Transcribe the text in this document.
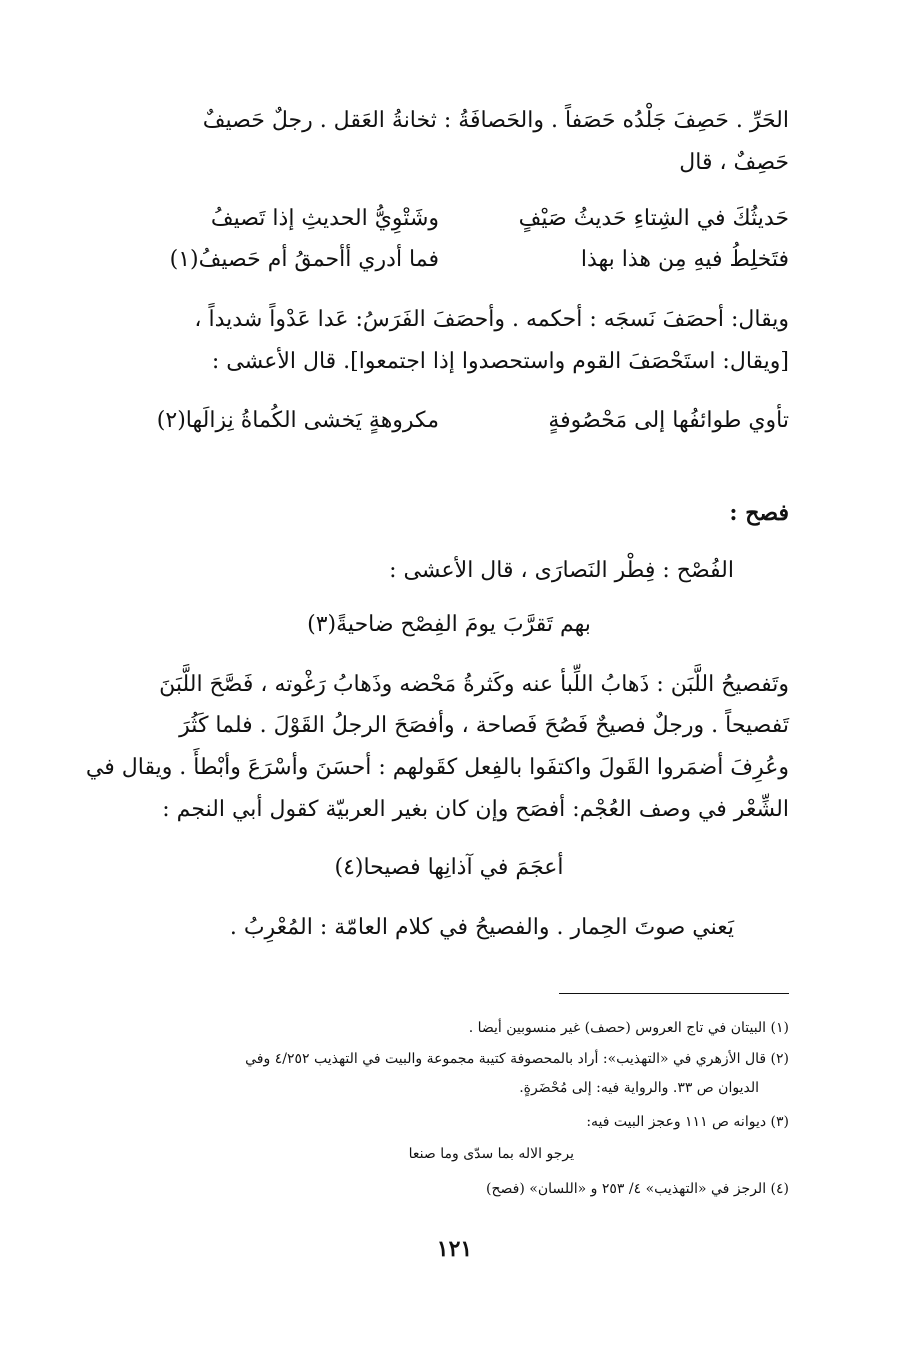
الحَرِّ . حَصِفَ جَلْدُه حَصَفاً . والحَصافَةُ : ثخانةُ العَقل . رجلٌ حَصيفٌ
حَصِفٌ ، قال
حَديثُكَ في الشِتاءِ حَديثُ صَيْفٍ
وشَتْوِيُّ الحديثِ إذا تَصيفُ
فتَخلِطُ فيهِ مِن هذا بهذا
فما أدري أأحمقُ أم حَصيفُ(١)
ويقال: أحصَفَ نَسجَه : أحكمه . وأحصَفَ الفَرَسُ: عَدا عَدْواً شديداً ،
[ويقال: استَحْصَفَ القوم واستحصدوا إذا اجتمعوا]. قال الأعشى :
تأوي طوائفُها إلى مَحْصُوفةٍ
مكروهةٍ يَخشى الكُماةُ نِزالَها(٢)
فصح :
الفُصْح : فِطْر النَصارَى ، قال الأعشى :
بهم تَقرَّبَ يومَ الفِصْح ضاحيةً(٣)
وتَفصيحُ اللَّبَن : ذَهابُ اللِّبأ عنه وكَثرةُ مَحْضه وذَهابُ رَغْوته ، فَصَّحَ اللَّبَنَ
تَفصيحاً . ورجلٌ فصيحٌ فَصُحَ فَصاحة ، وأفصَحَ الرجلُ القَوْلَ . فلما كَثُرَ
وعُرِفَ أضمَروا القَولَ واكتفَوا بالفِعل كقَولهم : أحسَنَ وأسْرَعَ وأبْطأَ . ويقال في
الشِّعْر في وصف العُجْم: أفصَح وإن كان بغير العربيّة كقول أبي النجم :
أعجَمَ في آذانِها فصيحا(٤)
يَعني صوتَ الحِمار . والفصيحُ في كلام العامّة : المُعْرِبُ .
(١) البيتان في تاج العروس (حصف) غير منسوبين أيضا .
(٢) قال الأزهري في «التهذيب»: أراد بالمحصوفة كتيبة مجموعة والبيت في التهذيب ٤/٢٥٢ وفي
الديوان ص ٣٣. والرواية فيه: إلى مُحْضَرةٍ.
(٣) ديوانه ص ١١١ وعجز البيت فيه:
يرجو الاله بما سدّى وما صنعا
(٤) الرجز في «التهذيب» ٤/ ٢٥٣ و «اللسان» (فصح)
١٢١
